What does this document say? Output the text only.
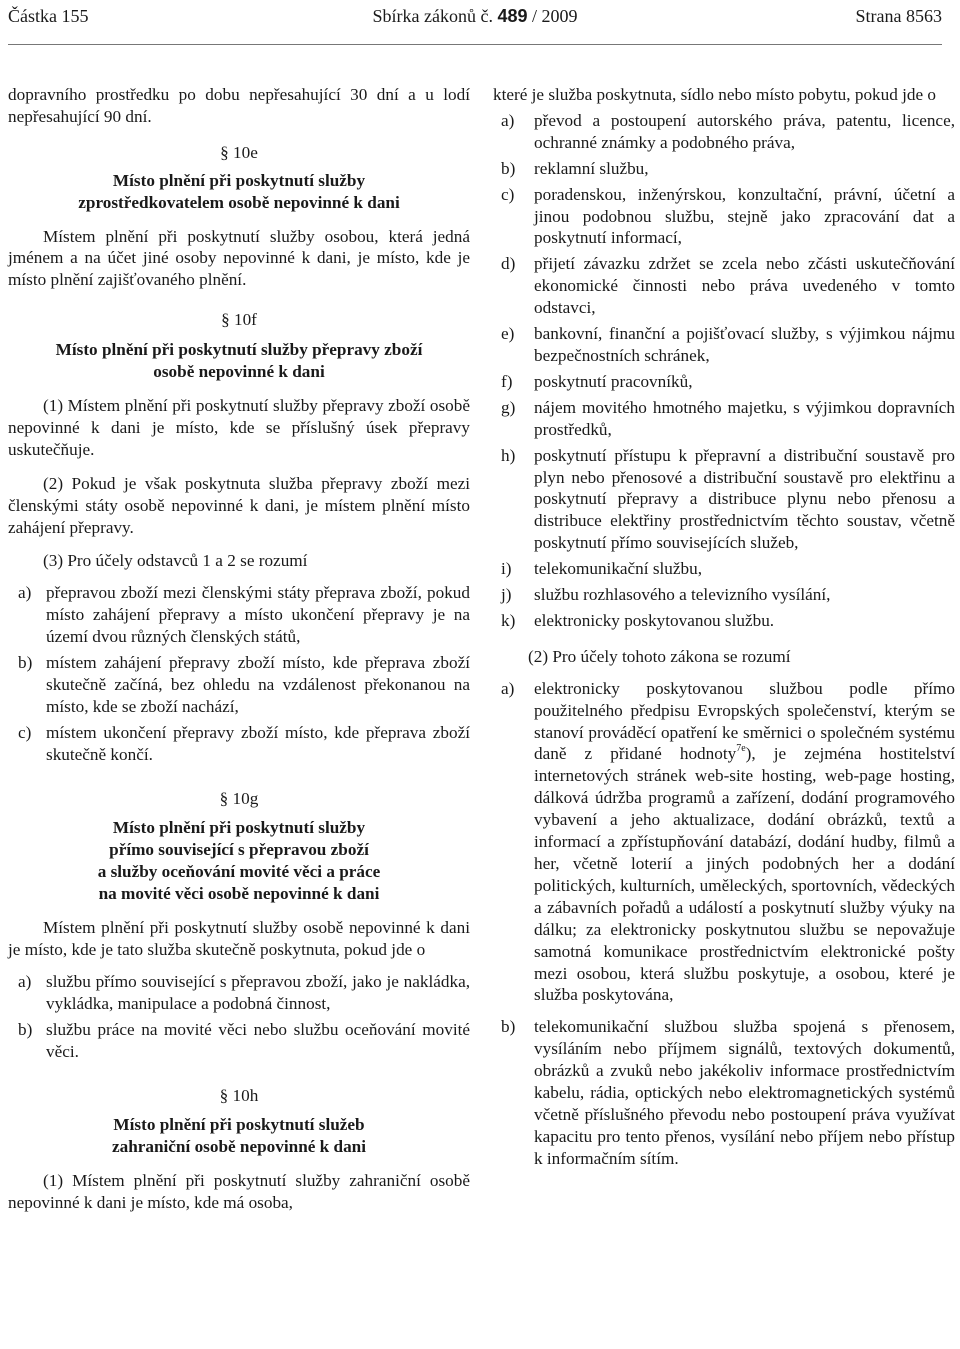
Částka 155	Sbírka zákonů č. 489 / 2009	Strana 8563

dopravního prostředku po dobu nepřesahující 30 dní a u lodí nepřesahující 90 dní.

§ 10e

Místo plnění při poskytnutí služby
zprostředkovatelem osobě nepovinné k dani

Místem plnění při poskytnutí služby osobou, která jedná jménem a na účet jiné osoby nepovinné k dani, je místo, kde je místo plnění zajišťovaného plnění.

§ 10f

Místo plnění při poskytnutí služby přepravy zboží
osobě nepovinné k dani

(1) Místem plnění při poskytnutí služby přepravy zboží osobě nepovinné k dani je místo, kde se příslušný úsek přepravy uskutečňuje.

(2) Pokud je však poskytnuta služba přepravy zboží mezi členskými státy osobě nepovinné k dani, je místem plnění místo zahájení přepravy.

(3) Pro účely odstavců 1 a 2 se rozumí

a) přepravou zboží mezi členskými státy přeprava zboží, pokud místo zahájení přepravy a místo ukončení přepravy je na území dvou různých členských států,
b) místem zahájení přepravy zboží místo, kde přeprava zboží skutečně začíná, bez ohledu na vzdálenost překonanou na místo, kde se zboží nachází,
c) místem ukončení přepravy zboží místo, kde přeprava zboží skutečně končí.

§ 10g

Místo plnění při poskytnutí služby
přímo související s přepravou zboží
a služby oceňování movité věci a práce
na movité věci osobě nepovinné k dani

Místem plnění při poskytnutí služby osobě nepovinné k dani je místo, kde je tato služba skutečně poskytnuta, pokud jde o

a) službu přímo související s přepravou zboží, jako je nakládka, vykládka, manipulace a podobná činnost,
b) službu práce na movité věci nebo službu oceňování movité věci.

§ 10h

Místo plnění při poskytnutí služeb
zahraniční osobě nepovinné k dani

(1) Místem plnění při poskytnutí služby zahraniční osobě nepovinné k dani je místo, kde má osoba,

které je služba poskytnuta, sídlo nebo místo pobytu, pokud jde o

a) převod a postoupení autorského práva, patentu, licence, ochranné známky a podobného práva,
b) reklamní službu,
c) poradenskou, inženýrskou, konzultační, právní, účetní a jinou podobnou službu, stejně jako zpracování dat a poskytnutí informací,
d) přijetí závazku zdržet se zcela nebo zčásti uskutečňování ekonomické činnosti nebo práva uvedeného v tomto odstavci,
e) bankovní, finanční a pojišťovací služby, s výjimkou nájmu bezpečnostních schránek,
f) poskytnutí pracovníků,
g) nájem movitého hmotného majetku, s výjimkou dopravních prostředků,
h) poskytnutí přístupu k přepravní a distribuční soustavě pro plyn nebo přenosové a distribuční soustavě pro elektřinu a poskytnutí přepravy a distribuce plynu nebo přenosu a distribuce elektřiny prostřednictvím těchto soustav, včetně poskytnutí přímo souvisejících služeb,
i) telekomunikační službu,
j) službu rozhlasového a televizního vysílání,
k) elektronicky poskytovanou službu.

(2) Pro účely tohoto zákona se rozumí

a) elektronicky poskytovanou službou podle přímo použitelného předpisu Evropských společenství, kterým se stanoví prováděcí opatření ke směrnici o společném systému daně z přidané hodnoty$^{7e}$), je zejména hostitelství internetových stránek web-site hosting, web-page hosting, dálková údržba programů a zařízení, dodání programového vybavení a jeho aktualizace, dodání obrázků, textů a informací a zpřístupňování databází, dodání hudby, filmů a her, včetně loterií a jiných podobných her a dodání politických, kulturních, uměleckých, sportovních, vědeckých a zábavních pořadů a událostí a poskytnutí služby výuky na dálku; za elektronicky poskytnutou službu se nepovažuje samotná komunikace prostřednictvím elektronické pošty mezi osobou, která službu poskytuje, a osobou, které je služba poskytována,
b) telekomunikační službou služba spojená s přenosem, vysíláním nebo příjmem signálů, textových dokumentů, obrázků a zvuků nebo jakékoliv informace prostřednictvím kabelu, rádia, optických nebo elektromagnetických systémů včetně příslušného převodu nebo postoupení práva využívat kapacitu pro tento přenos, vysílání nebo příjem nebo přístup k informačním sítím.
